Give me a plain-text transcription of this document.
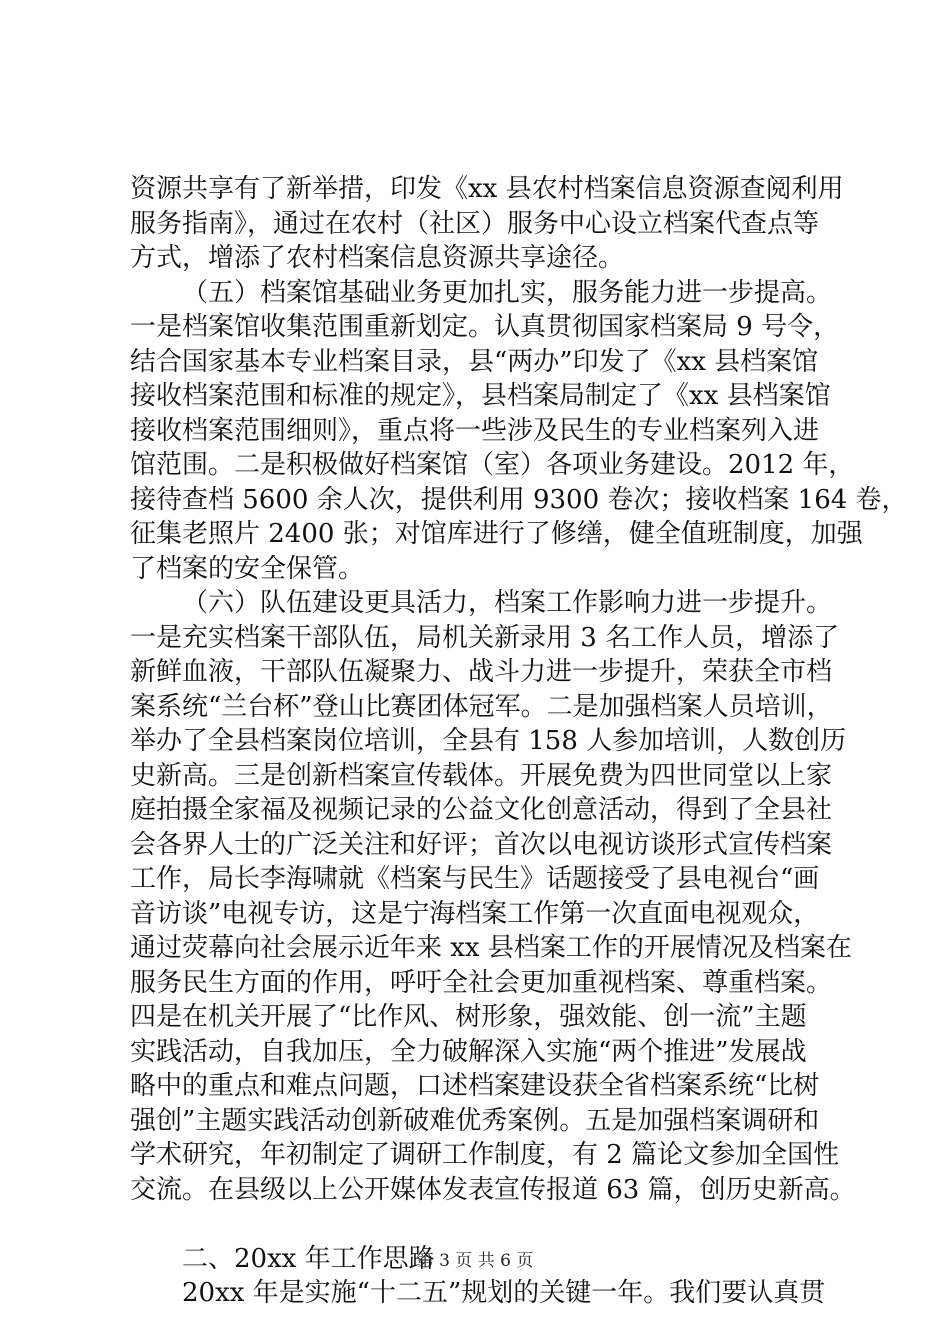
资源共享有了新举措，印发《xx 县农村档案信息资源查阅利用
服务指南》，通过在农村（社区）服务中心设立档案代查点等
方式，增添了农村档案信息资源共享途径。
（五）档案馆基础业务更加扎实，服务能力进一步提高。
一是档案馆收集范围重新划定。认真贯彻国家档案局 9 号令，
结合国家基本专业档案目录，县“两办”印发了《xx 县档案馆
接收档案范围和标准的规定》，县档案局制定了《xx 县档案馆
接收档案范围细则》，重点将一些涉及民生的专业档案列入进
馆范围。二是积极做好档案馆（室）各项业务建设。2012 年，
接待查档 5600 余人次，提供利用 9300 卷次；接收档案 164 卷，
征集老照片 2400 张；对馆库进行了修缮，健全值班制度，加强
了档案的安全保管。
（六）队伍建设更具活力，档案工作影响力进一步提升。
一是充实档案干部队伍，局机关新录用 3 名工作人员，增添了
新鲜血液，干部队伍凝聚力、战斗力进一步提升，荣获全市档
案系统“兰台杯”登山比赛团体冠军。二是加强档案人员培训，
举办了全县档案岗位培训，全县有 158 人参加培训，人数创历
史新高。三是创新档案宣传载体。开展免费为四世同堂以上家
庭拍摄全家福及视频记录的公益文化创意活动，得到了全县社
会各界人士的广泛关注和好评；首次以电视访谈形式宣传档案
工作，局长李海啸就《档案与民生》话题接受了县电视台“画
音访谈”电视专访，这是宁海档案工作第一次直面电视观众，
通过荧幕向社会展示近年来 xx 县档案工作的开展情况及档案在
服务民生方面的作用，呼吁全社会更加重视档案、尊重档案。
四是在机关开展了“比作风、树形象，强效能、创一流”主题
实践活动，自我加压，全力破解深入实施“两个推进”发展战
略中的重点和难点问题，口述档案建设获全省档案系统“比树
强创”主题实践活动创新破难优秀案例。五是加强档案调研和
学术研究，年初制定了调研工作制度，有 2 篇论文参加全国性
交流。在县级以上公开媒体发表宣传报道 63 篇，创历史新高。
二、20xx 年工作思路
20xx 年是实施“十二五”规划的关键一年。我们要认真贯
第 3 页 共 6 页
